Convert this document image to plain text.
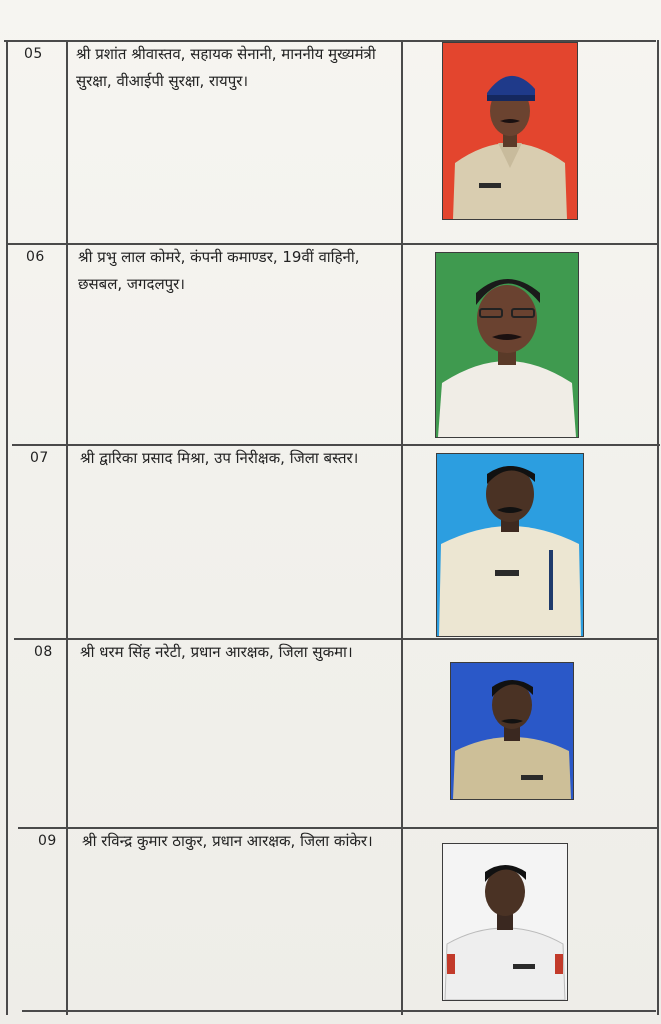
05 श्री प्रशांत श्रीवास्तव, सहायक सेनानी, माननीय मुख्यमंत्री सुरक्षा, वीआईपी सुरक्षा, रायपुर।
06 श्री प्रभु लाल कोमरे, कंपनी कमाण्डर, 19वीं वाहिनी, छसबल, जगदलपुर।
07 श्री द्वारिका प्रसाद मिश्रा, उप निरीक्षक, जिला बस्तर।
08 श्री धरम सिंह नरेटी, प्रधान आरक्षक, जिला सुकमा।
09 श्री रविन्द्र कुमार ठाकुर, प्रधान आरक्षक, जिला कांकेर।
